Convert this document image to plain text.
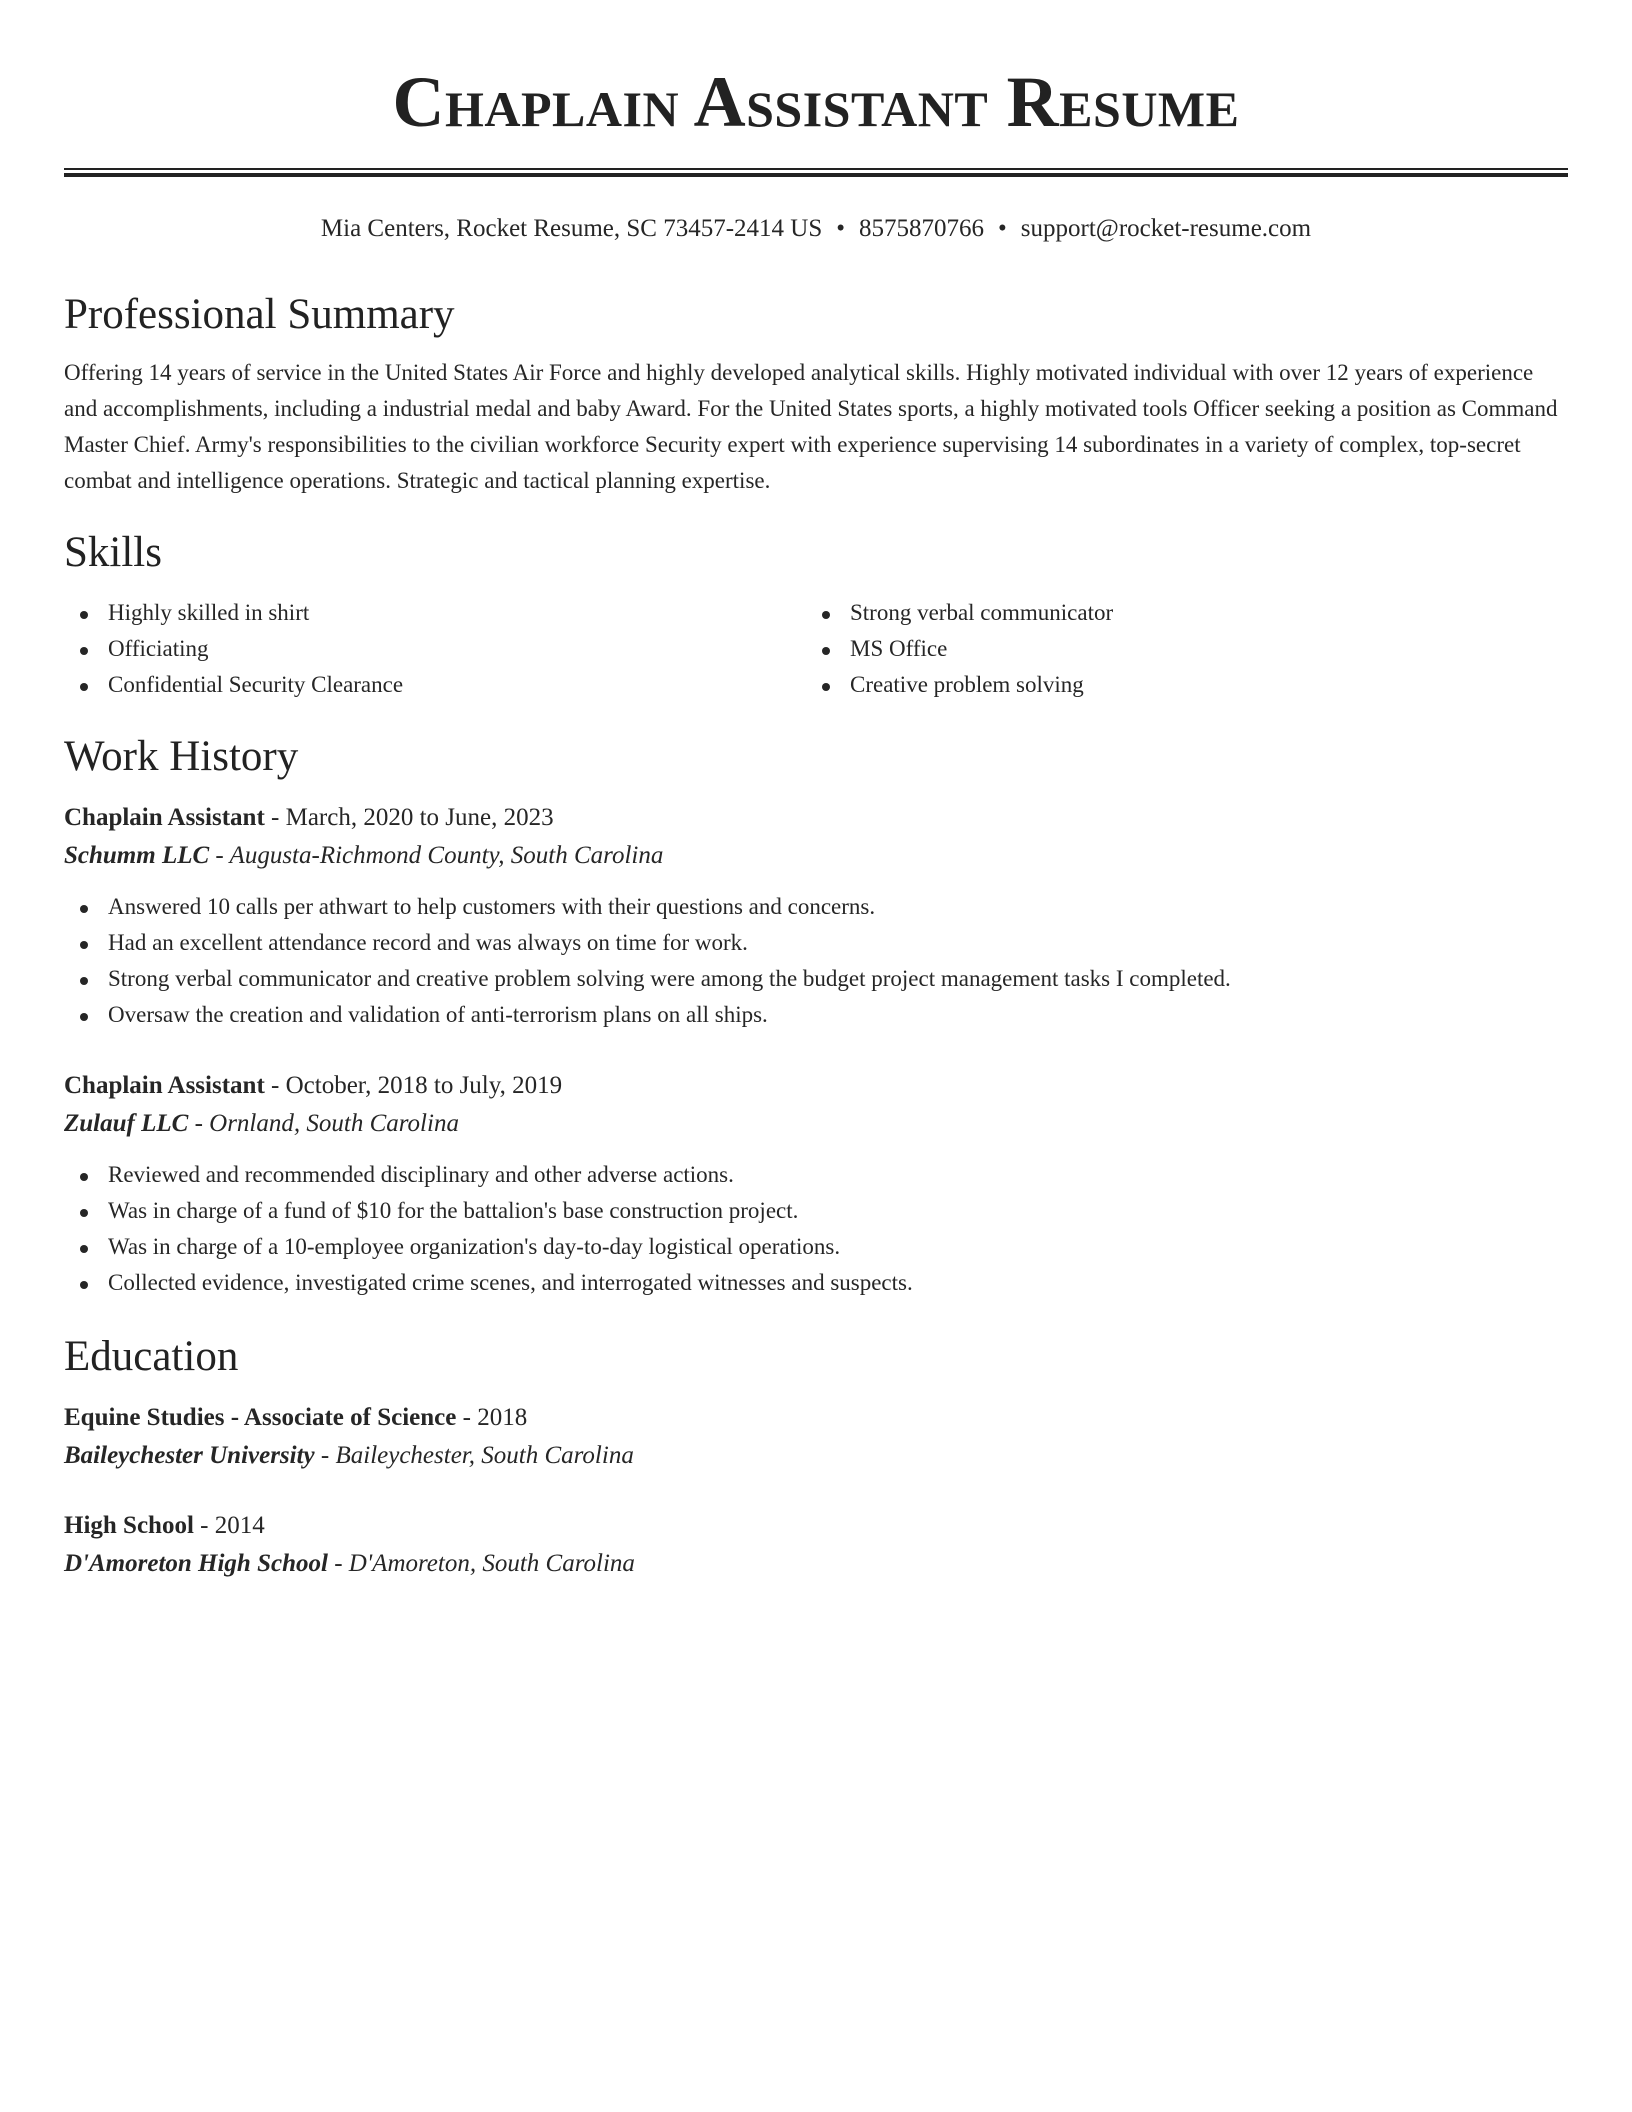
Chaplain Assistant Resume
Mia Centers, Rocket Resume, SC 73457-2414 US • 8575870766 • support@rocket-resume.com
Professional Summary

Offering 14 years of service in the United States Air Force and highly developed analytical skills. Highly motivated individual with over 12 years of experience and accomplishments, including a industrial medal and baby Award. For the United States sports, a highly motivated tools Officer seeking a position as Command Master Chief. Army's responsibilities to the civilian workforce Security expert with experience supervising 14 subordinates in a variety of complex, top-secret combat and intelligence operations. Strategic and tactical planning expertise.

Skills
Highly skilled in shirt
Officiating
Confidential Security Clearance
Strong verbal communicator
MS Office
Creative problem solving
Work History
Chaplain Assistant - March, 2020 to June, 2023
Schumm LLC - Augusta-Richmond County, South Carolina
Answered 10 calls per athwart to help customers with their questions and concerns.
Had an excellent attendance record and was always on time for work.
Strong verbal communicator and creative problem solving were among the budget project management tasks I completed.
Oversaw the creation and validation of anti-terrorism plans on all ships.
Chaplain Assistant - October, 2018 to July, 2019
Zulauf LLC - Ornland, South Carolina
Reviewed and recommended disciplinary and other adverse actions.
Was in charge of a fund of $10 for the battalion's base construction project.
Was in charge of a 10-employee organization's day-to-day logistical operations.
Collected evidence, investigated crime scenes, and interrogated witnesses and suspects.
Education
Equine Studies - Associate of Science - 2018
Baileychester University - Baileychester, South Carolina
High School - 2014
D'Amoreton High School - D'Amoreton, South Carolina
